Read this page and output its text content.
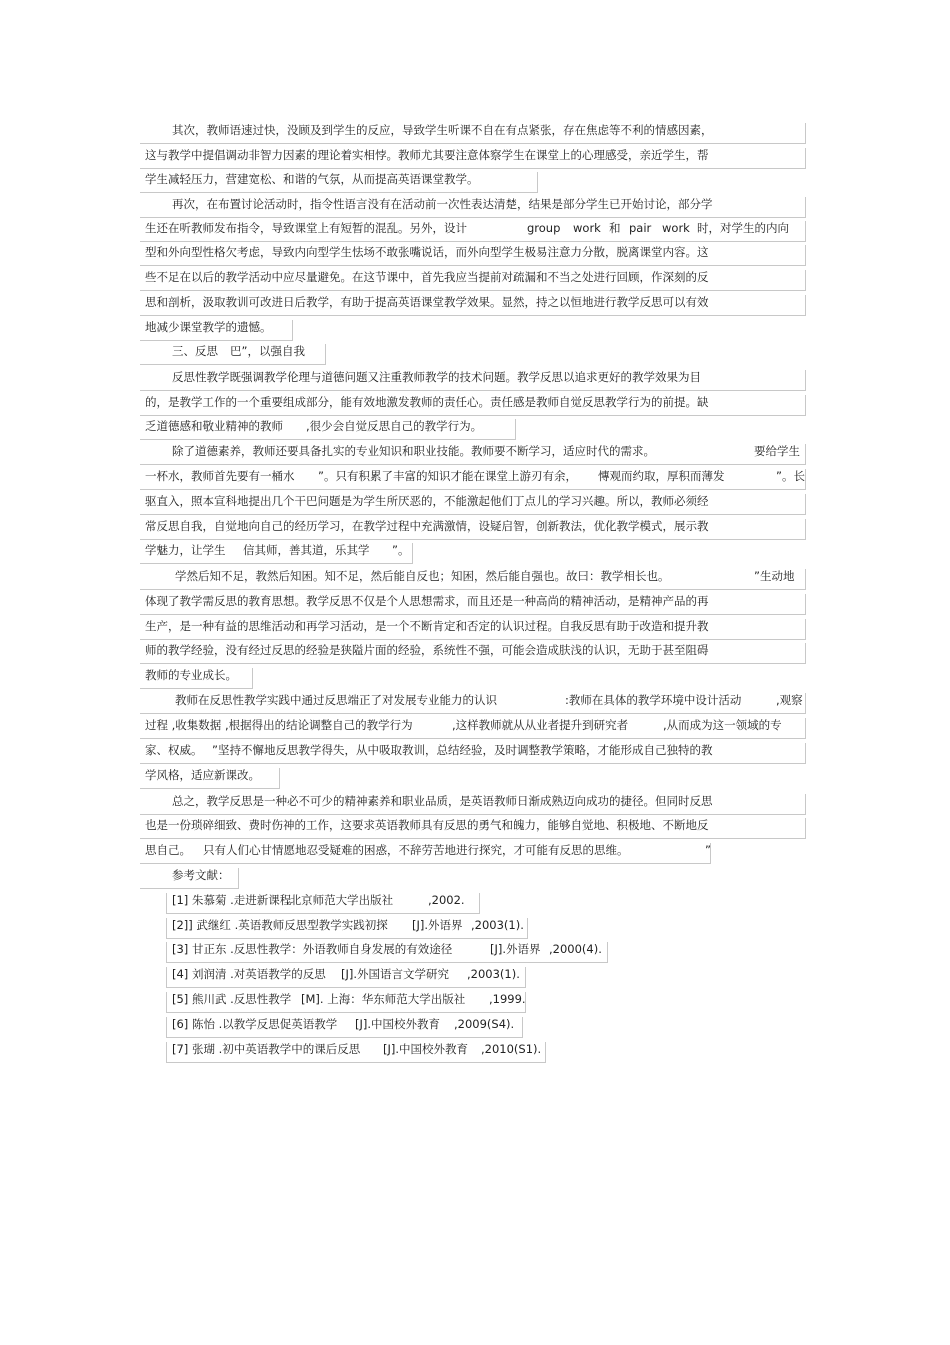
其次，教师语速过快，没顾及到学生的反应，导致学生听课不自在有点紧张，存在焦虑等不利的情感因素，
这与教学中提倡调动非智力因素的理论着实相悖。教师尤其要注意体察学生在课堂上的心理感受，亲近学生，帮
学生减轻压力，营建宽松、和谐的气氛，从而提高英语课堂教学。
再次，在布置讨论活动时，指令性语言没有在活动前一次性表达清楚，结果是部分学生已开始讨论，部分学
生还在听教师发布指令，导致课堂上有短暂的混乱。另外，设计	group work 和 pair work 时，对学生的内向
型和外向型性格欠考虑，导致内向型学生怯场不敢张嘴说话，而外向型学生极易注意力分散，脱离课堂内容。这
些不足在以后的教学活动中应尽量避免。在这节课中，首先我应当提前对疏漏和不当之处进行回顾，作深刻的反
思和剖析，汲取教训可改进日后教学，有助于提高英语课堂教学效果。显然，持之以恒地进行教学反思可以有效
地减少课堂教学的遗憾。
三、反思 巴”，以强自我
反思性教学既强调教学伦理与道德问题又注重教师教学的技术问题。教学反思以追求更好的教学效果为目
的，是教学工作的一个重要组成部分，能有效地激发教师的责任心。责任感是教师自觉反思教学行为的前提。缺
乏道德感和敬业精神的教师 ,很少会自觉反思自己的教学行为。
除了道德素养，教师还要具备扎实的专业知识和职业技能。教师要不断学习，适应时代的需求。	要给学生
一杯水，教师首先要有一桶水 ”。只有积累了丰富的知识才能在课堂上游刃有余， 慱观而约取，厚积而薄发	”。长
驱直入，照本宣科地提出几个干巴问题是为学生所厌恶的，不能激起他们丁点儿的学习兴趣。所以，教师必须经
常反思自我，自觉地向自己的经历学习，在教学过程中充满激情，设疑启智，创新教法，优化教学模式，展示教
学魅力，让学生 信其师，善其道，乐其学 ”。
学然后知不足，教然后知困。知不足，然后能自反也；知困，然后能自强也。故曰：教学相长也。	”生动地
体现了教学需反思的教育思想。教学反思不仅是个人思想需求，而且还是一种高尚的精神活动，是精神产品的再
生产，是一种有益的思维活动和再学习活动，是一个不断肯定和否定的认识过程。自我反思有助于改造和提升教
师的教学经验，没有经过反思的经验是狭隘片面的经验，系统性不强，可能会造成肤浅的认识，无助于甚至阻碍
教师的专业成长。
教师在反思性教学实践中通过反思端正了对发展专业能力的认识	:教师在具体的教学环境中设计活动	,观察
过程 ,收集数据 ,根据得出的结论调整自己的教学行为	,这样教师就从从业者提升到研究者	,从而成为这一领域的专
家、权威。 ”坚持不懈地反思教学得失，从中吸取教训，总结经验，及时调整教学策略，才能形成自己独特的教
学风格，适应新课改。
总之，教学反思是一种必不可少的精神素养和职业品质，是英语教师日渐成熟迈向成功的捷径。但同时反思
也是一份琐碎细致、费时伤神的工作，这要求英语教师具有反思的勇气和魄力，能够自觉地、积极地、不断地反
思自己。 只有人们心甘情愿地忍受疑难的困惑，不辞劳苦地进行探究，才可能有反思的思维。	”
参考文献：
[1] 朱慕菊 .走进新课程
.北京师范大学出版社	,2002.
[2]] 武继红 .英语教师反思型教学实践初探 [J].外语界 ,2003(1).
[3] 甘正东 .反思性教学：外语教师自身发展的有效途径	[J].外语界 ,2000(4).
[4] 刘润清 .对英语教学的反思 [J].外国语言文学研究 ,2003(1).
[5] 熊川武 .反思性教学 [M]. 上海：华东师范大学出版社 ,1999.
[6] 陈怡 .以教学反思促英语教学 [J].中国校外教育 ,2009(S4).
[7] 张瑚 .初中英语教学中的课后反思 [J].中国校外教育 ,2010(S1).
